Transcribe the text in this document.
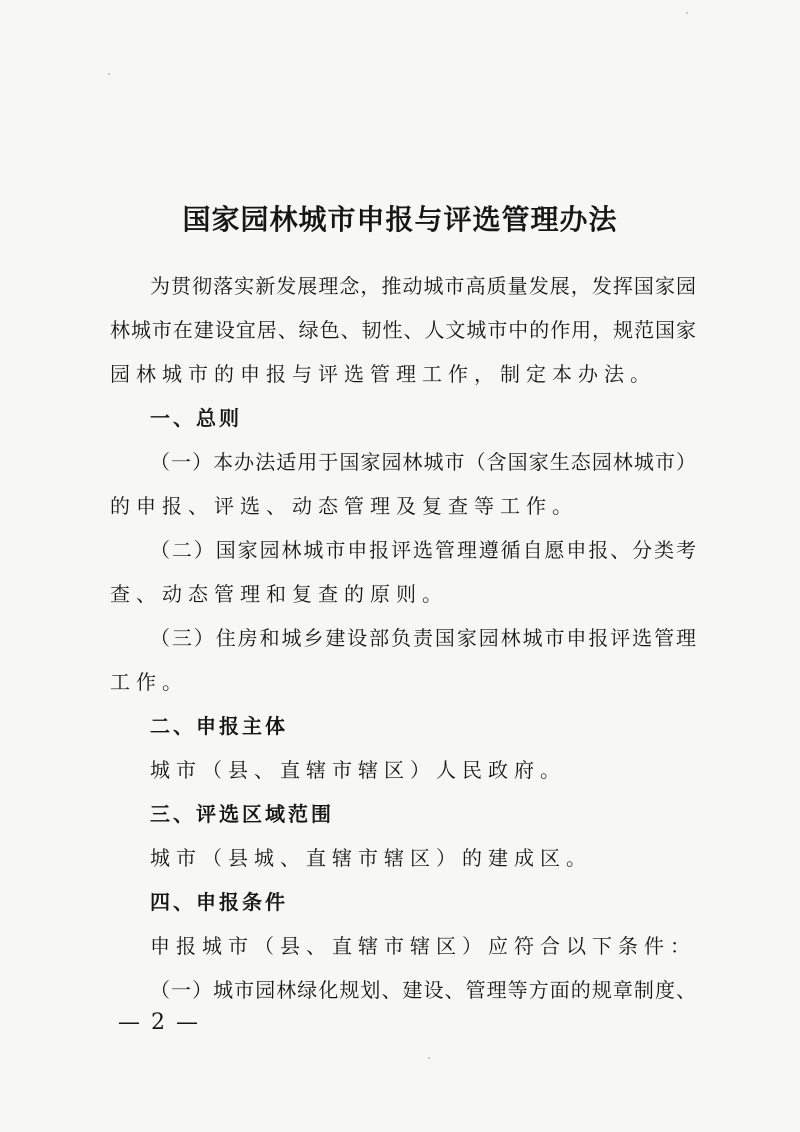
国家园林城市申报与评选管理办法
为贯彻落实新发展理念，推动城市高质量发展，发挥国家园
林城市在建设宜居、绿色、韧性、人文城市中的作用，规范国家
园林城市的申报与评选管理工作，制定本办法。
一、总则
（一）本办法适用于国家园林城市（含国家生态园林城市）
的申报、评选、动态管理及复查等工作。
（二）国家园林城市申报评选管理遵循自愿申报、分类考
查、动态管理和复查的原则。
（三）住房和城乡建设部负责国家园林城市申报评选管理
工作。
二、申报主体
城市（县、直辖市辖区）人民政府。
三、评选区域范围
城市（县城、直辖市辖区）的建成区。
四、申报条件
申报城市（县、直辖市辖区）应符合以下条件：
（一）城市园林绿化规划、建设、管理等方面的规章制度、
— 2 —
